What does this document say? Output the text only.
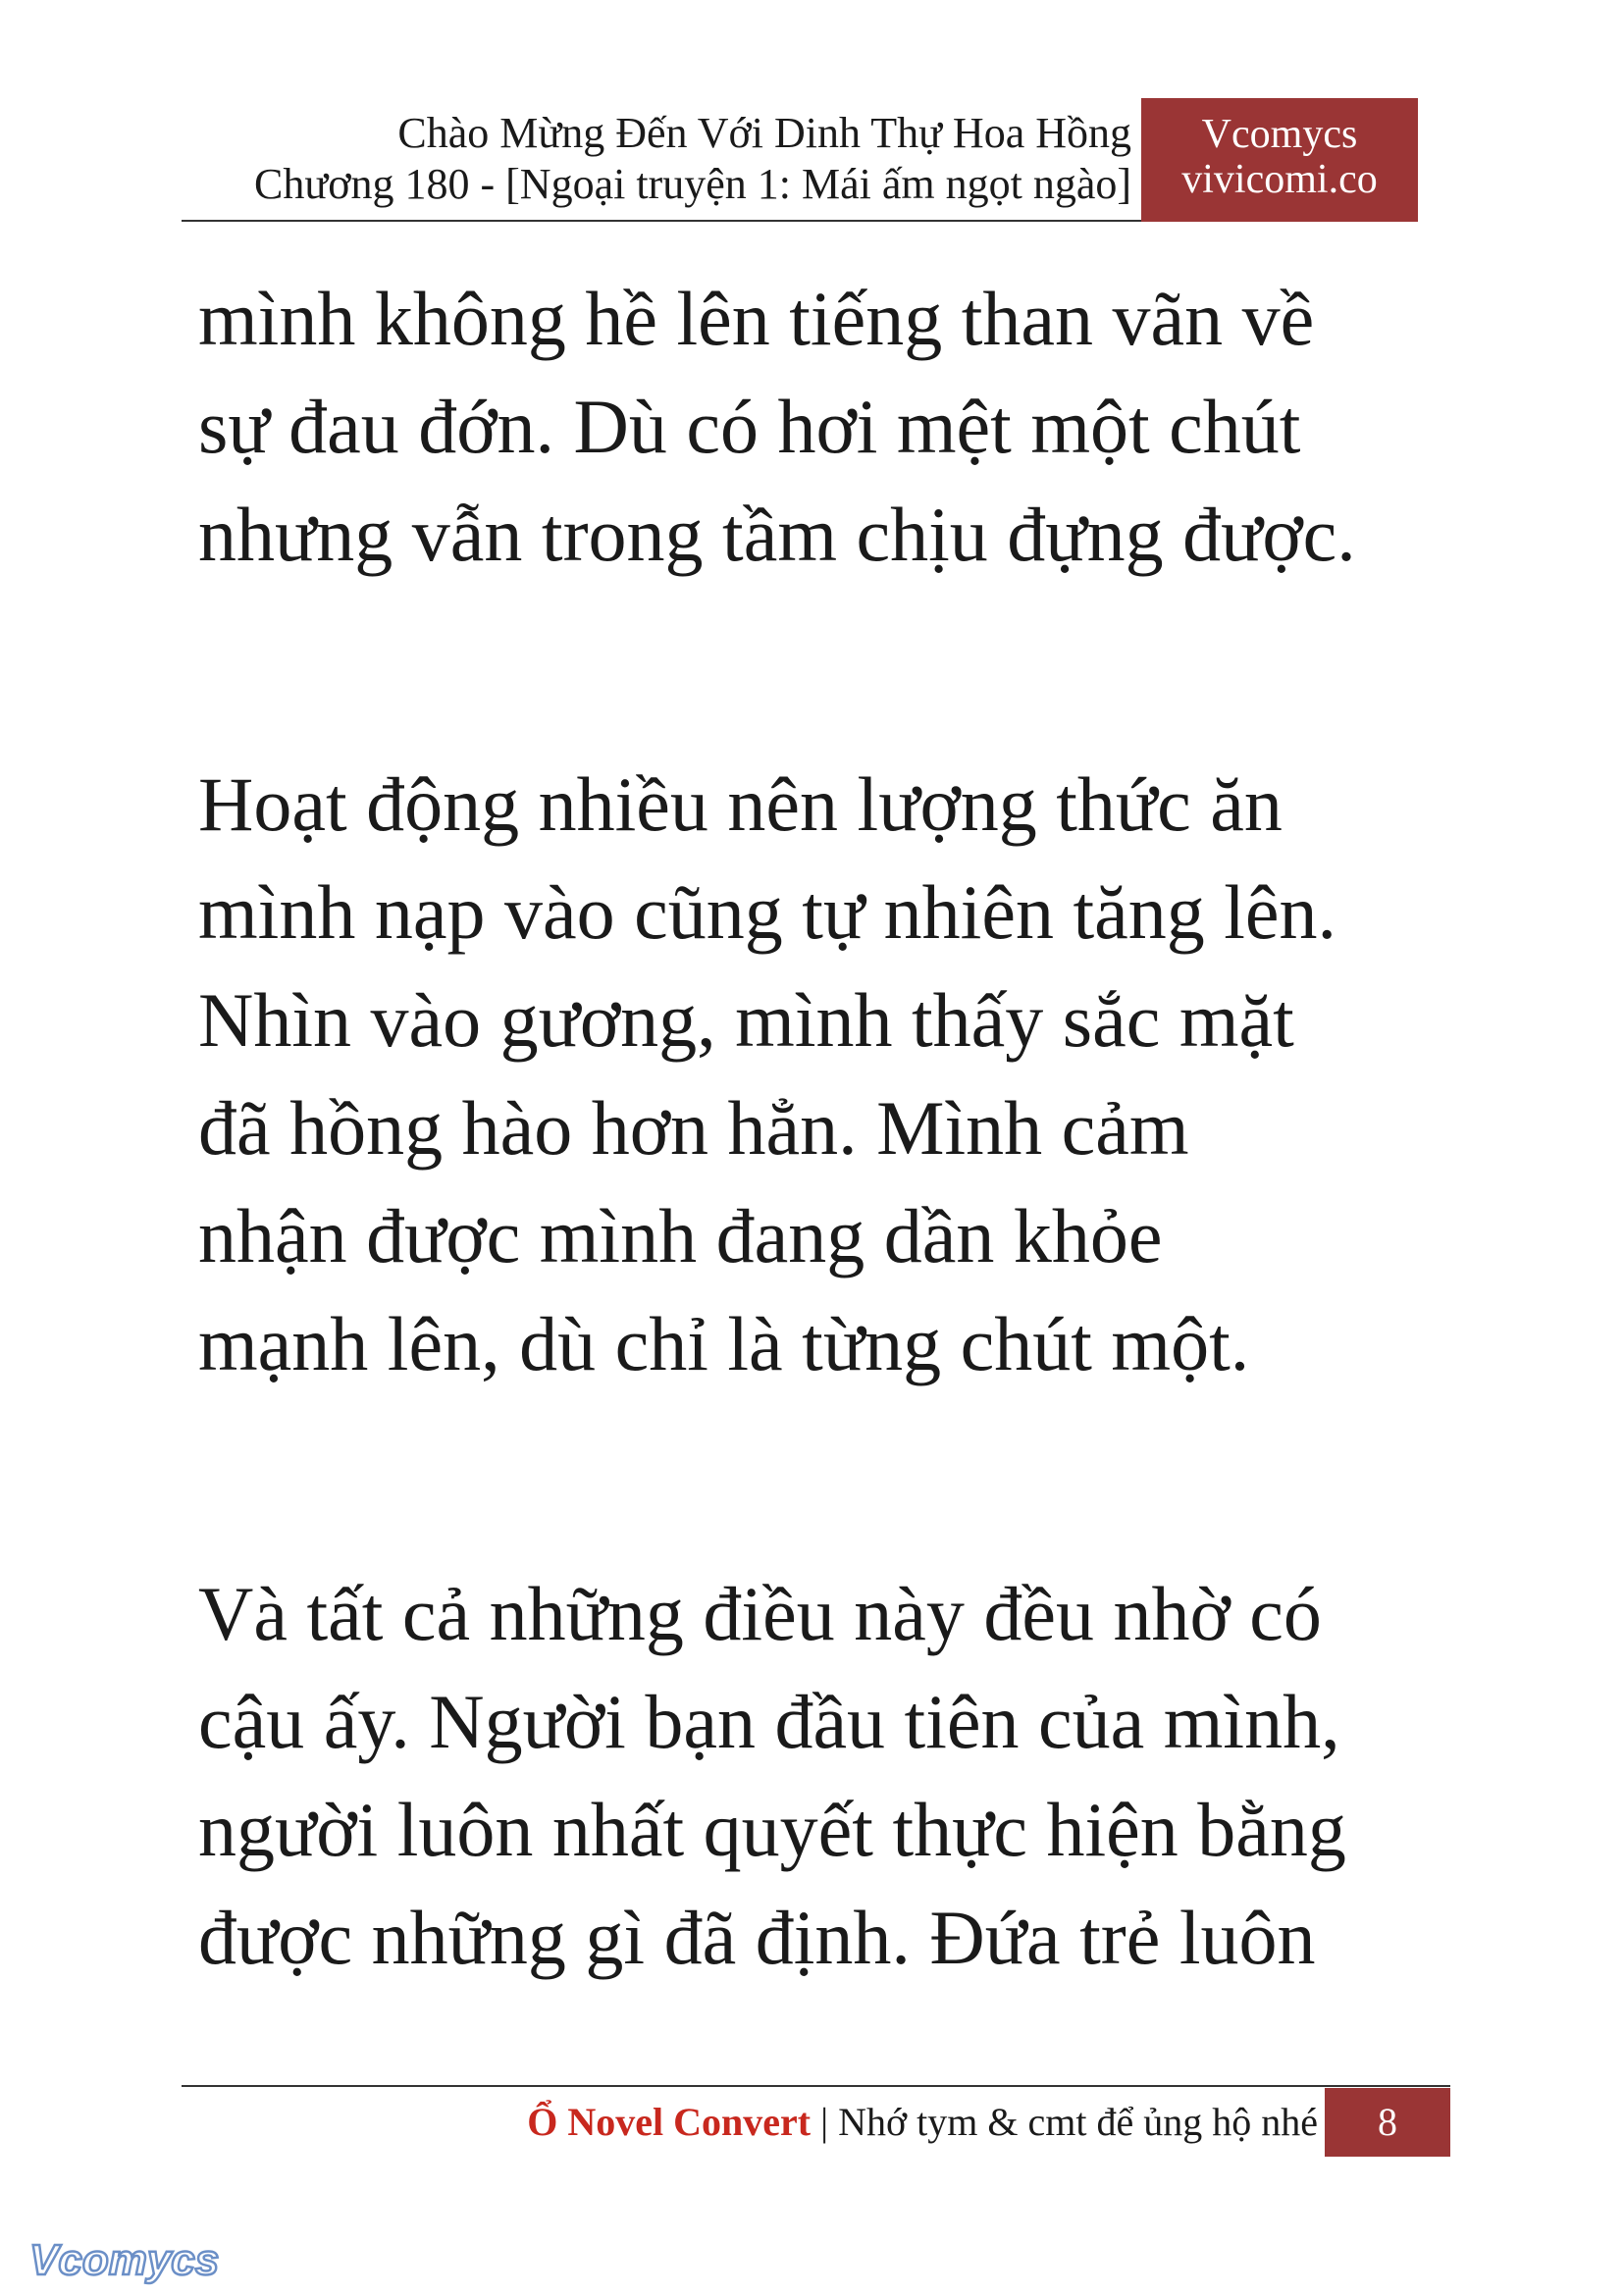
Chào Mừng Đến Với Dinh Thự Hoa Hồng
Chương 180 - [Ngoại truyện 1: Mái ấm ngọt ngào]
Vcomycs
vivicomi.co

mình không hề lên tiếng than vãn về

sự đau đớn. Dù có hơi mệt một chút

nhưng vẫn trong tầm chịu đựng được.

Hoạt động nhiều nên lượng thức ăn

mình nạp vào cũng tự nhiên tăng lên.

Nhìn vào gương, mình thấy sắc mặt

đã hồng hào hơn hẳn. Mình cảm

nhận được mình đang dần khỏe

mạnh lên, dù chỉ là từng chút một.

Và tất cả những điều này đều nhờ có

cậu ấy. Người bạn đầu tiên của mình,

người luôn nhất quyết thực hiện bằng

được những gì đã định. Đứa trẻ luôn

Ổ Novel Convert | Nhớ tym & cmt để ủng hộ nhé	8
Vcomycs
